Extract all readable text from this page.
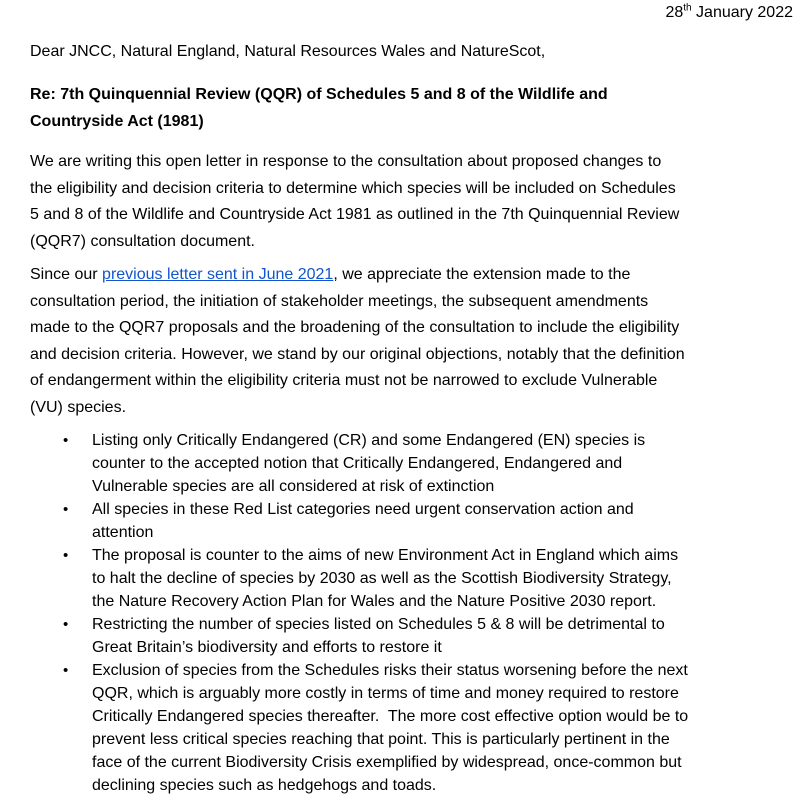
28th January 2022
Dear JNCC, Natural England, Natural Resources Wales and NatureScot,
Re: 7th Quinquennial Review (QQR) of Schedules 5 and 8 of the Wildlife and
Countryside Act (1981)
We are writing this open letter in response to the consultation about proposed changes to
the eligibility and decision criteria to determine which species will be included on Schedules
5 and 8 of the Wildlife and Countryside Act 1981 as outlined in the 7th Quinquennial Review
(QQR7) consultation document.
Since our previous letter sent in June 2021, we appreciate the extension made to the
consultation period, the initiation of stakeholder meetings, the subsequent amendments
made to the QQR7 proposals and the broadening of the consultation to include the eligibility
and decision criteria. However, we stand by our original objections, notably that the definition
of endangerment within the eligibility criteria must not be narrowed to exclude Vulnerable
(VU) species.
• Listing only Critically Endangered (CR) and some Endangered (EN) species is
counter to the accepted notion that Critically Endangered, Endangered and
Vulnerable species are all considered at risk of extinction
• All species in these Red List categories need urgent conservation action and
attention
• The proposal is counter to the aims of new Environment Act in England which aims
to halt the decline of species by 2030 as well as the Scottish Biodiversity Strategy,
the Nature Recovery Action Plan for Wales and the Nature Positive 2030 report.
• Restricting the number of species listed on Schedules 5 & 8 will be detrimental to
Great Britain’s biodiversity and efforts to restore it
• Exclusion of species from the Schedules risks their status worsening before the next
QQR, which is arguably more costly in terms of time and money required to restore
Critically Endangered species thereafter.  The more cost effective option would be to
prevent less critical species reaching that point. This is particularly pertinent in the
face of the current Biodiversity Crisis exemplified by widespread, once-common but
declining species such as hedgehogs and toads.
